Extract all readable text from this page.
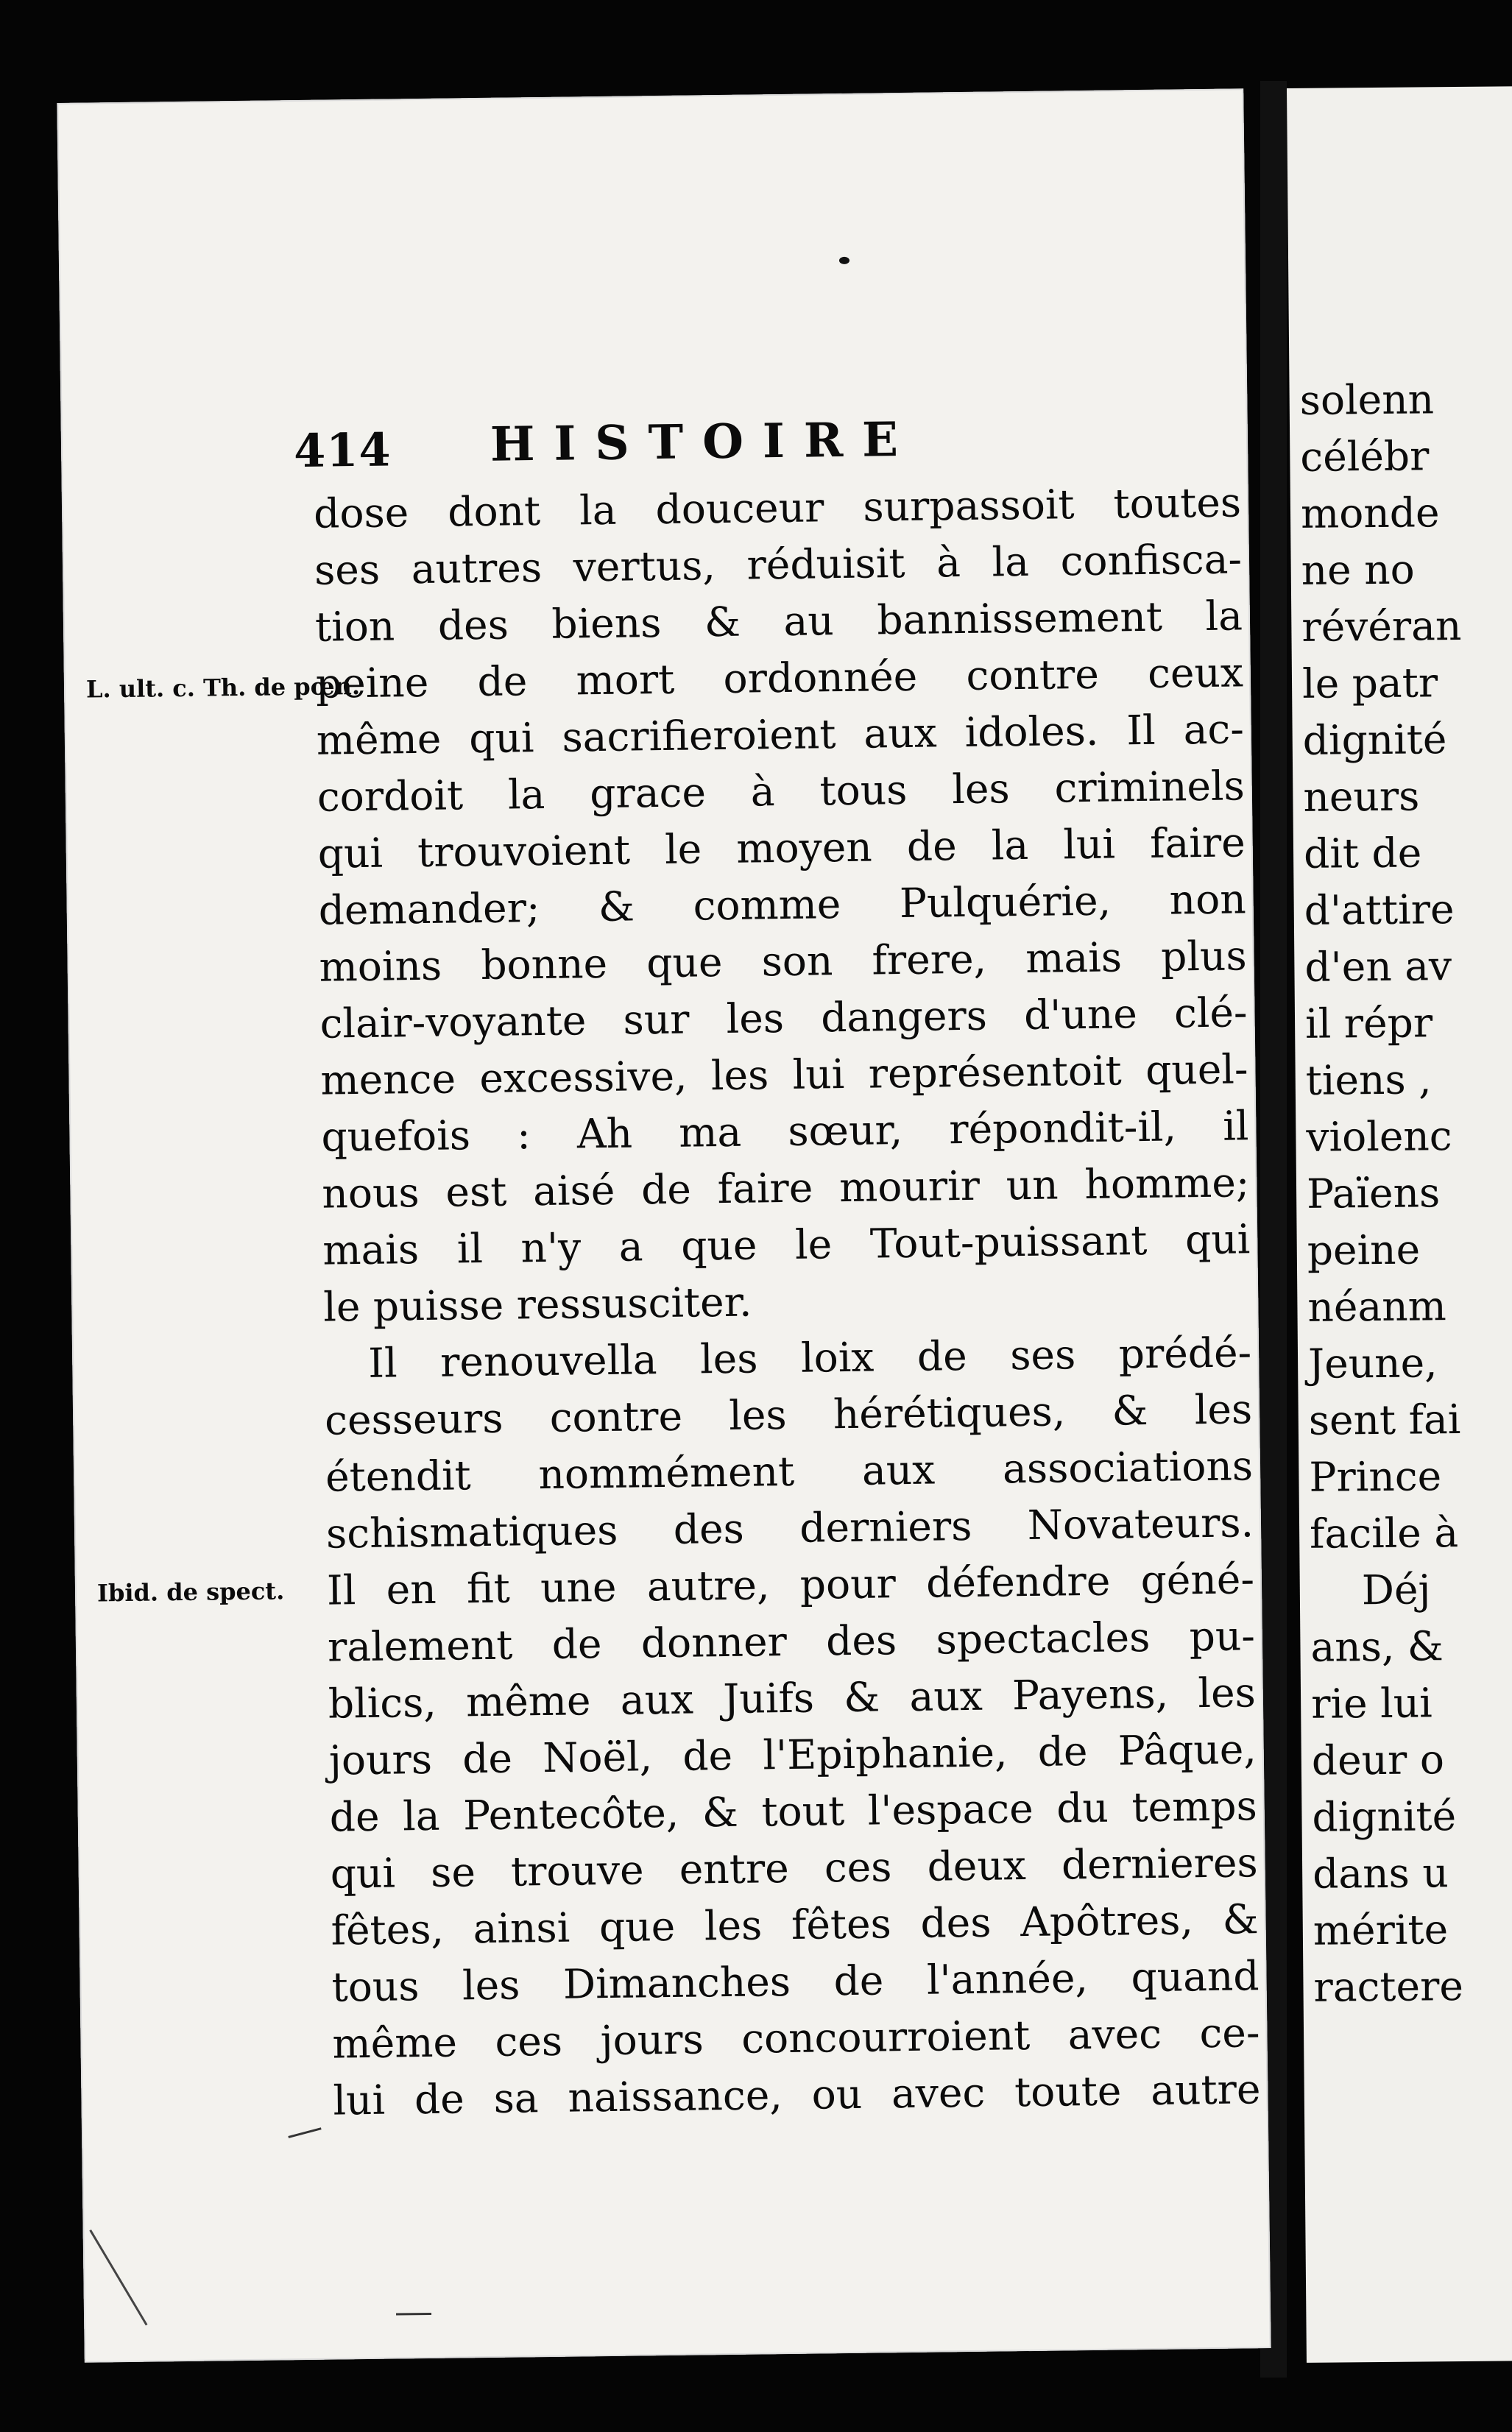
414 HISTOIRE
L. ult. c. Th. de pœn.
Ibid. de spect.
dose dont la douceur surpassoit toutes
ses autres vertus, réduisit à la confisca-
tion des biens & au bannissement la
peine de mort ordonnée contre ceux
même qui sacrifieroient aux idoles. Il ac-
cordoit la grace à tous les criminels
qui trouvoient le moyen de la lui faire
demander; & comme Pulquérie, non
moins bonne que son frere, mais plus
clair-voyante sur les dangers d'une clé-
mence excessive, les lui représentoit quel-
quefois : Ah ma sœur, répondit-il, il
nous est aisé de faire mourir un homme;
mais il n'y a que le Tout-puissant qui
le puisse ressusciter.
Il renouvella les loix de ses prédé-
cesseurs contre les hérétiques, & les
étendit nommément aux associations
schismatiques des derniers Novateurs.
Il en fit une autre, pour défendre géné-
ralement de donner des spectacles pu-
blics, même aux Juifs & aux Payens, les
jours de Noël, de l'Epiphanie, de Pâque,
de la Pentecôte, & tout l'espace du temps
qui se trouve entre ces deux dernieres
fêtes, ainsi que les fêtes des Apôtres, &
tous les Dimanches de l'année, quand
même ces jours concourroient avec ce-
lui de sa naissance, ou avec toute autre
solenn
célébr
monde
ne no
révéran
le patr
dignité
neurs
dit de
d'attire
d'en av
il répr
tiens ,
violenc
Païens
peine
néanm
Jeune,
sent fai
Prince
facile à
Déj
ans, &
rie lui
deur o
dignité
dans u
mérite
ractere
